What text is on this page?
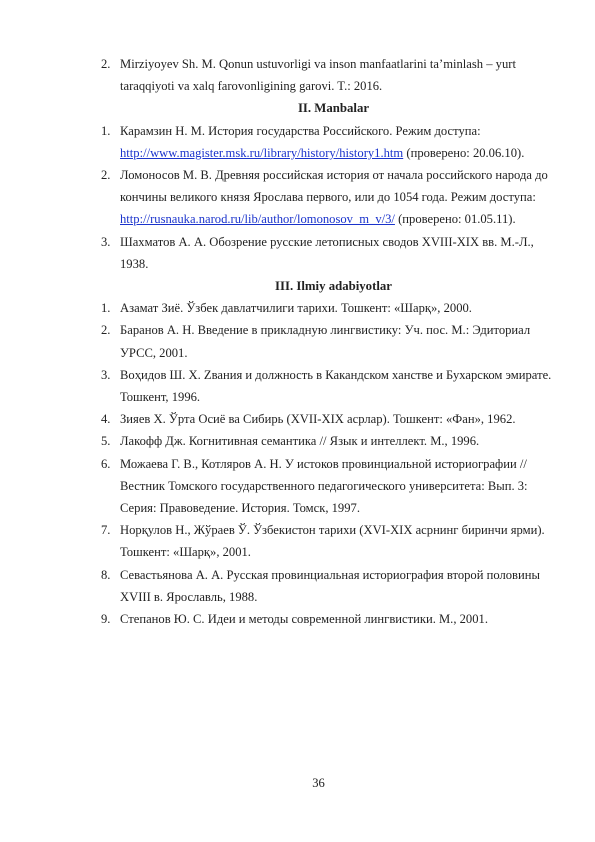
2. Mirziyoyev Sh. M. Qonun ustuvorligi va inson manfaatlarini ta’minlash – yurt taraqqiyoti va xalq farovonligining garovi. T.: 2016.
II. Manbalar
1. Карамзин Н. М. История государства Российского. Режим доступа: http://www.magister.msk.ru/library/history/history1.htm (проверено: 20.06.10).
2. Ломоносов М. В. Древняя российская история от начала российского народа до кончины великого князя Ярослава первого, или до 1054 года. Режим доступа: http://rusnauka.narod.ru/lib/author/lomonosov_m_v/3/ (проверено: 01.05.11).
3. Шахматов А. А. Обозрение русские летописных сводов XVIII-XIX вв. М.-Л., 1938.
III. Ilmiy adabiyotlar
1. Азамат Зиё. Ўзбек давлатчилиги тарихи. Тошкент: «Шарқ», 2000.
2. Баранов А. Н. Введение в прикладную лингвистику: Уч. пос. М.: Эдиториал УРСС, 2001.
3. Воҳидов Ш. Х. Zвания и должность в Какандском ханстве и Бухарском эмирате. Тошкент, 1996.
4. Зияев Х. Ўрта Осиё ва Сибирь (XVII-XIX асрлар). Тошкент: «Фан», 1962.
5. Лакофф Дж. Когнитивная семантика // Язык и интеллект. М., 1996.
6. Можаева Г. В., Котляров А. Н. У истоков провинциальной историографии // Вестник Томского государственного педагогического университета: Вып. 3: Серия: Правоведение. История. Томск, 1997.
7. Норқулов Н., Жўраев Ў. Ўзбекистон тарихи (XVI-XIX асрнинг биринчи ярми). Тошкент: «Шарқ», 2001.
8. Севастьянова А. А. Русская провинциальная историография второй половины XVIII в. Ярославль, 1988.
9. Степанов Ю. С. Идеи и методы современной лингвистики. М., 2001.
36
